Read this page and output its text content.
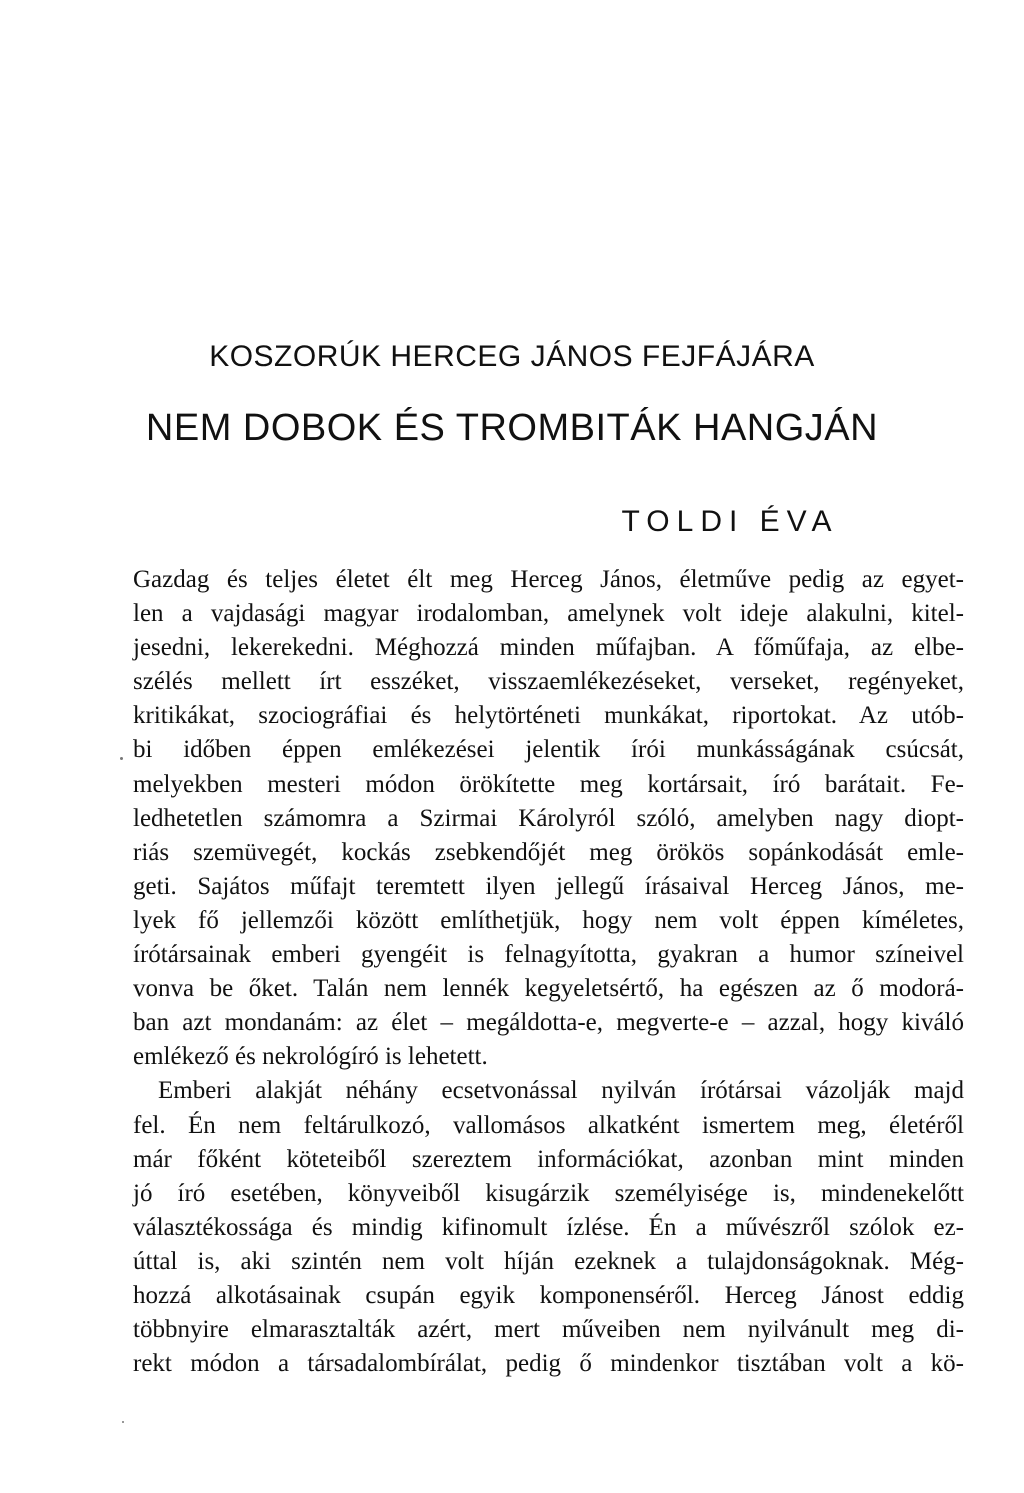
KOSZORÚK HERCEG JÁNOS FEJFÁJÁRA
NEM DOBOK ÉS TROMBITÁK HANGJÁN
TOLDI ÉVA
Gazdag és teljes életet élt meg Herceg János, életműve pedig az egyet-
len a vajdasági magyar irodalomban, amelynek volt ideje alakulni, kitel-
jesedni, lekerekedni. Méghozzá minden műfajban. A főműfaja, az elbe-
szélés mellett írt esszéket, visszaemlékezéseket, verseket, regényeket,
kritikákat, szociográfiai és helytörténeti munkákat, riportokat. Az utób-
bi időben éppen emlékezései jelentik írói munkásságának csúcsát,
melyekben mesteri módon örökítette meg kortársait, író barátait. Fe-
ledhetetlen számomra a Szirmai Károlyról szóló, amelyben nagy diopt-
riás szemüvegét, kockás zsebkendőjét meg örökös sopánkodását emle-
geti. Sajátos műfajt teremtett ilyen jellegű írásaival Herceg János, me-
lyek fő jellemzői között említhetjük, hogy nem volt éppen kíméletes,
írótársainak emberi gyengéit is felnagyította, gyakran a humor színeivel
vonva be őket. Talán nem lennék kegyeletsértő, ha egészen az ő modorá-
ban azt mondanám: az élet – megáldotta-e, megverte-e – azzal, hogy kiváló
emlékező és nekrológíró is lehetett.
Emberi alakját néhány ecsetvonással nyilván írótársai vázolják majd
fel. Én nem feltárulkozó, vallomásos alkatként ismertem meg, életéről
már főként köteteiből szereztem információkat, azonban mint minden
jó író esetében, könyveiből kisugárzik személyisége is, mindenekelőtt
választékossága és mindig kifinomult ízlése. Én a művészről szólok ez-
úttal is, aki szintén nem volt híján ezeknek a tulajdonságoknak. Még-
hozzá alkotásainak csupán egyik komponenséről. Herceg Jánost eddig
többnyire elmarasztalták azért, mert műveiben nem nyilvánult meg di-
rekt módon a társadalombírálat, pedig ő mindenkor tisztában volt a kö-
